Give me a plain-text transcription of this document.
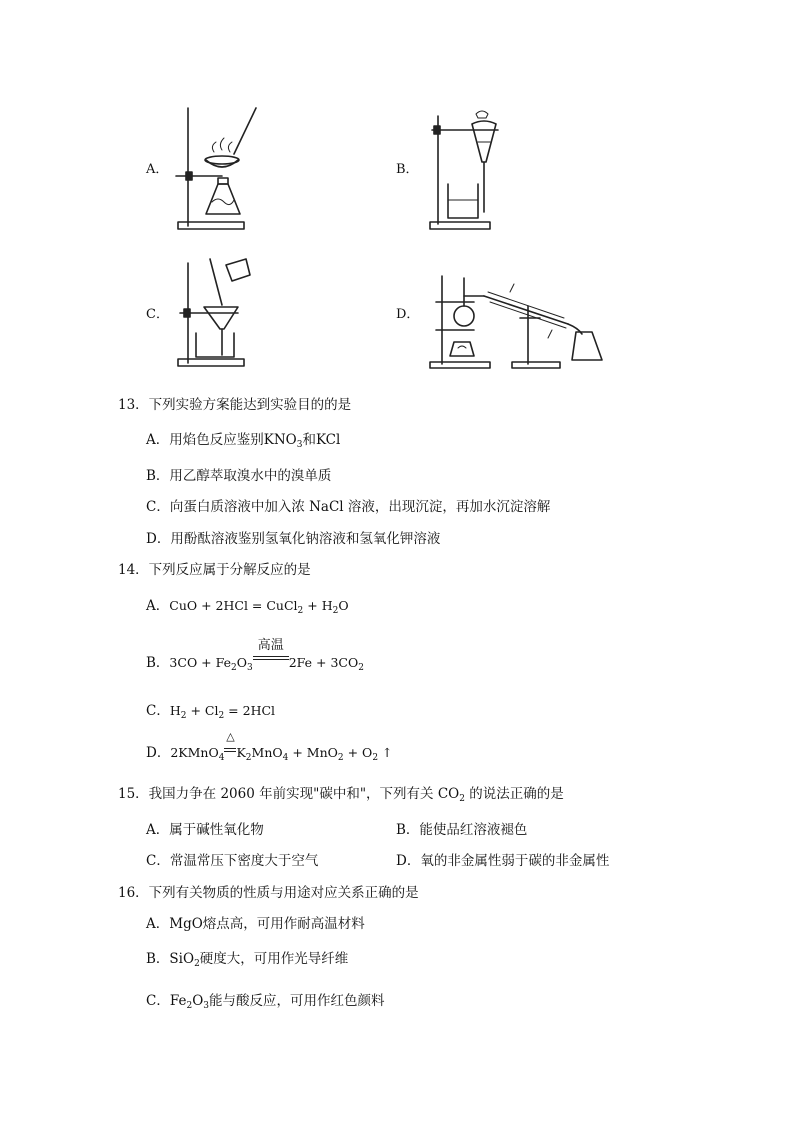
A．	B．
C．	D．
13．下列实验方案能达到实验目的的是
A．用焰色反应鉴别$KNO_3$和KCl
B．用乙醇萃取溴水中的溴单质
C．向蛋白质溶液中加入浓 NaCl 溶液，出现沉淀，再加水沉淀溶解
D．用酚酞溶液鉴别氢氧化钠溶液和氢氧化钾溶液
14．下列反应属于分解反应的是
A．CuO + 2HCl = CuCl$_2$ + $H_2O$
B．$3CO + Fe_2O_3$
高温
$2Fe + 3CO_2$
C．$H_2 + Cl_2 = 2HCl$
D．2KMnO$_4$
△
$K_2MnO_4 + MnO_2 + O_2$ ↑
15．我国力争在 2060 年前实现"碳中和"，下列有关 $CO_2$ 的说法正确的是
A．属于碱性氧化物	B．能使品红溶液褪色
C．常温常压下密度大于空气	D．氧的非金属性弱于碳的非金属性
16．下列有关物质的性质与用途对应关系正确的是
A．MgO熔点高，可用作耐高温材料
B．SiO$_2$硬度大，可用作光导纤维
C．$Fe_2O_3$能与酸反应，可用作红色颜料
